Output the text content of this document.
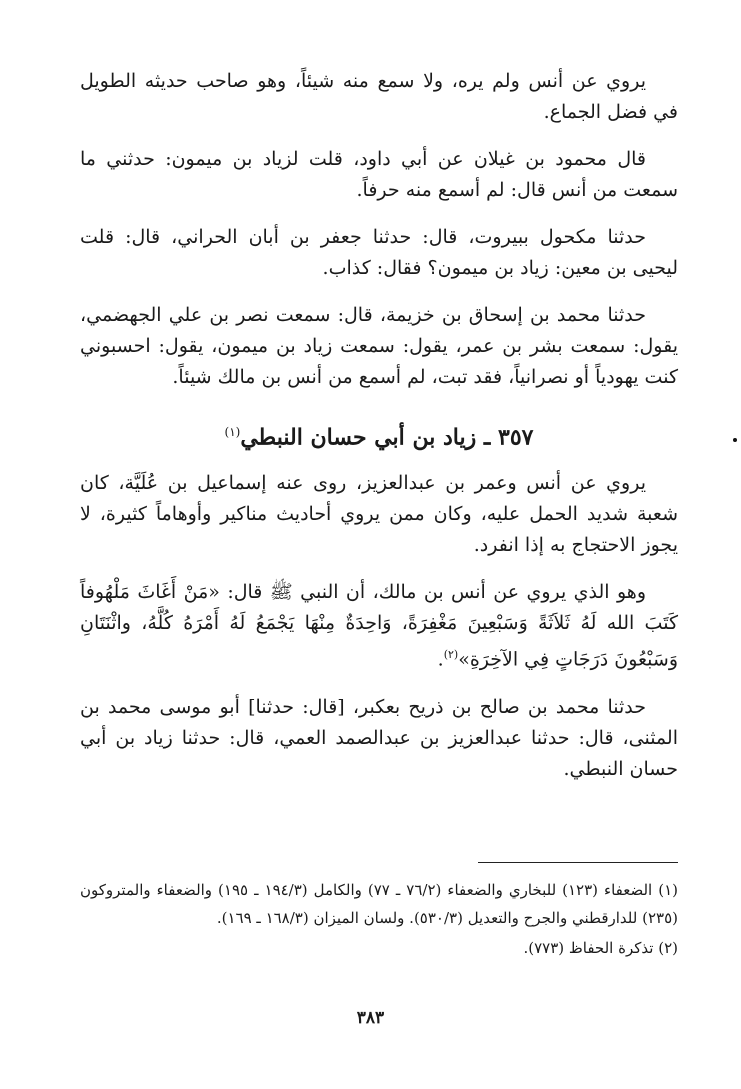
يروي عن أنس ولم يره، ولا سمع منه شيئاً، وهو صاحب حديثه الطويل في فضل الجماع.

قال محمود بن غيلان عن أبي داود، قلت لزياد بن ميمون: حدثني ما سمعت من أنس قال: لم أسمع منه حرفاً.

حدثنا مكحول ببيروت، قال: حدثنا جعفر بن أبان الحراني، قال: قلت ليحيى بن معين: زياد بن ميمون؟ فقال: كذاب.

حدثنا محمد بن إسحاق بن خزيمة، قال: سمعت نصر بن علي الجهضمي، يقول: سمعت بشر بن عمر، يقول: سمعت زياد بن ميمون، يقول: احسبوني كنت يهودياً أو نصرانياً، فقد تبت، لم أسمع من أنس بن مالك شيئاً.

٣٥٧ ـ زياد بن أبي حسان النبطي$^{(١)}$

يروي عن أنس وعمر بن عبدالعزيز، روى عنه إسماعيل بن عُلَيَّة، كان شعبة شديد الحمل عليه، وكان ممن يروي أحاديث مناكير وأوهاماً كثيرة، لا يجوز الاحتجاج به إذا انفرد.

وهو الذي يروي عن أنس بن مالك، أن النبي ﷺ قال: «مَنْ أَغَاثَ مَلْهُوفاً كَتَبَ الله لَهُ ثَلاَثَةً وَسَبْعِينَ مَغْفِرَةً، وَاحِدَةٌ مِنْهَا يَجْمَعُ لَهُ أَمْرَهُ كُلَّهُ، واثْنَتَانِ وَسَبْعُونَ دَرَجَاتٍ فِي الآخِرَةِ»$^{(٢)}$.

حدثنا محمد بن صالح بن ذريح بعكبر، [قال: حدثنا] أبو موسى محمد بن المثنى، قال: حدثنا عبدالعزيز بن عبدالصمد العمي، قال: حدثنا زياد بن أبي حسان النبطي.

(١) الضعفاء (١٢٣) للبخاري والضعفاء (٧٦/٢ ـ ٧٧) والكامل (١٩٤/٣ ـ ١٩٥) والضعفاء والمتروكون (٢٣٥) للدارقطني والجرح والتعديل (٥٣٠/٣). ولسان الميزان (١٦٨/٣ ـ ١٦٩).

(٢) تذكرة الحفاظ (٧٧٣).

٣٨٣
